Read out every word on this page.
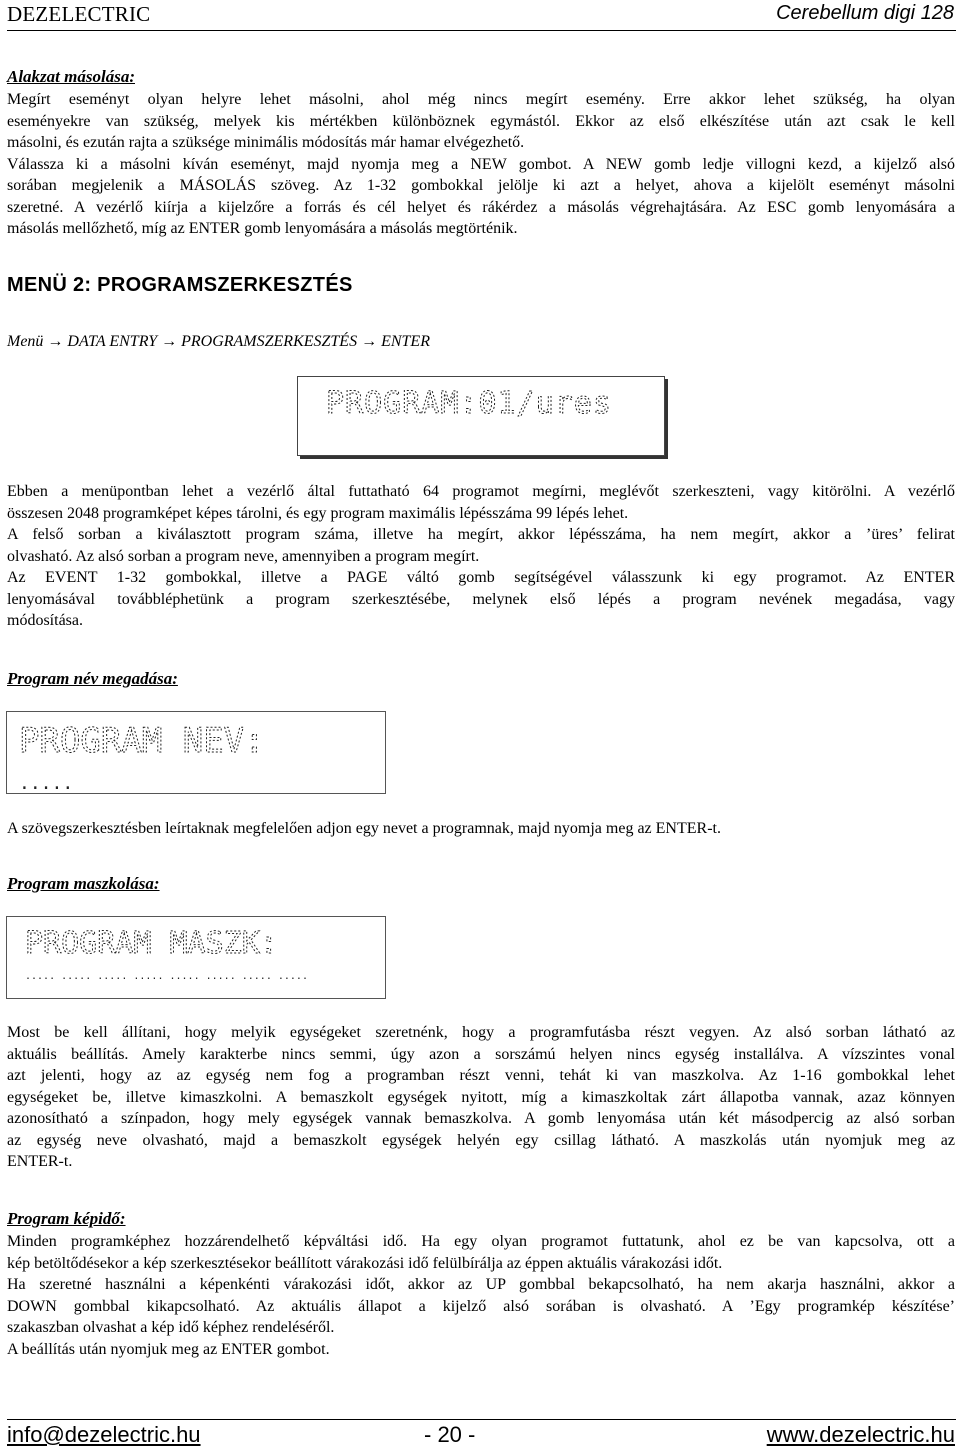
DEZELECTRIC	Cerebellum digi 128
Alakzat másolása:
Megírt eseményt olyan helyre lehet másolni, ahol még nincs megírt esemény. Erre akkor lehet szükség, ha olyan
eseményekre van szükség, melyek kis mértékben különböznek egymástól. Ekkor az első elkészítése után azt csak le kell
másolni, és ezután rajta a szüksége minimális módosítás már hamar elvégezhető.
Válassza ki a másolni kíván eseményt, majd nyomja meg a NEW gombot. A NEW gomb ledje villogni kezd, a kijelző alsó
sorában megjelenik a MÁSOLÁS szöveg. Az 1-32 gombokkal jelölje ki azt a helyet, ahova a kijelölt eseményt másolni
szeretné. A vezérlő kiírja a kijelzőre a forrás és cél helyet és rákérdez a másolás végrehajtására. Az ESC gomb lenyomására a
másolás mellőzhető, míg az ENTER gomb lenyomására a másolás megtörténik.
MENÜ 2: PROGRAMSZERKESZTÉS
Menü → DATA ENTRY → PROGRAMSZERKESZTÉS → ENTER
PROGRAM:01/ures
Ebben a menüpontban lehet a vezérlő által futtatható 64 programot megírni, meglévőt szerkeszteni, vagy kitörölni. A vezérlő
összesen 2048 programképet képes tárolni, és egy program maximális lépésszáma 99 lépés lehet.
A felső sorban a kiválasztott program száma, illetve ha megírt, akkor lépésszáma, ha nem megírt, akkor a ’üres’ felirat
olvasható. Az alsó sorban a program neve, amennyiben a program megírt.
Az EVENT 1-32 gombokkal, illetve a PAGE váltó gomb segítségével válasszunk ki egy programot. Az ENTER
lenyomásával továbbléphetünk a program szerkesztésébe, melynek első lépés a program nevének megadása, vagy
módosítása.
Program név megadása:
PROGRAM NEV:
.....
A szövegszerkesztésben leírtaknak megfelelően adjon egy nevet a programnak, majd nyomja meg az ENTER-t.
Program maszkolása:
PROGRAM MASZK:
..... ..... ..... ..... ..... ..... ..... .....
Most be kell állítani, hogy melyik egységeket szeretnénk, hogy a programfutásba részt vegyen. Az alsó sorban látható az
aktuális beállítás. Amely karakterbe nincs semmi, úgy azon a sorszámú helyen nincs egység installálva. A vízszintes vonal
azt jelenti, hogy az az egység nem fog a programban részt venni, tehát ki van maszkolva. Az 1-16 gombokkal lehet
egységeket be, illetve kimaszkolni. A bemaszkolt egységek nyitott, míg a kimaszkoltak zárt állapotba vannak, azaz könnyen
azonosítható a színpadon, hogy mely egységek vannak bemaszkolva. A gomb lenyomása után két másodpercig az alsó sorban
az egység neve olvasható, majd a bemaszkolt egységek helyén egy csillag látható. A maszkolás után nyomjuk meg az
ENTER-t.
Program képidő:
Minden programképhez hozzárendelhető képváltási idő. Ha egy olyan programot futtatunk, ahol ez be van kapcsolva, ott a
kép betöltődésekor a kép szerkesztésekor beállított várakozási idő felülbírálja az éppen aktuális várakozási időt.
Ha szeretné használni a képenkénti várakozási időt, akkor az UP gombbal bekapcsolható, ha nem akarja használni, akkor a
DOWN gombbal kikapcsolható. Az aktuális állapot a kijelző alsó sorában is olvasható. A ’Egy programkép készítése’
szakaszban olvashat a kép idő képhez rendeléséről.
A beállítás után nyomjuk meg az ENTER gombot.
info@dezelectric.hu	- 20 -	www.dezelectric.hu
